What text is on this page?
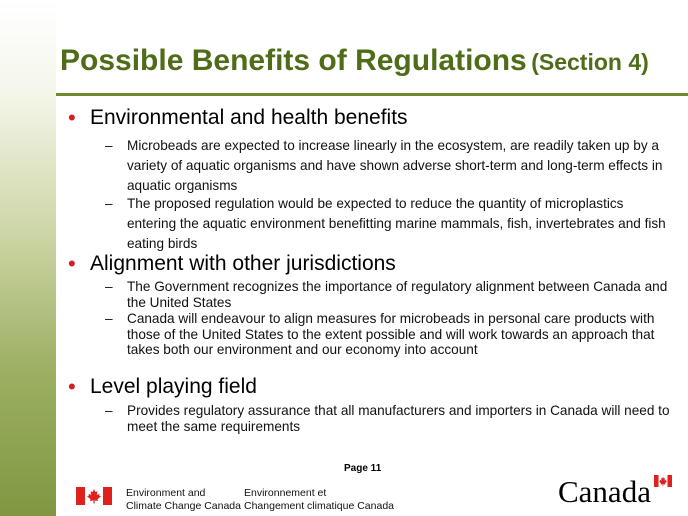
Possible Benefits of Regulations (Section 4)
• Environmental and health benefits
– Microbeads are expected to increase linearly in the ecosystem, are readily taken up by a variety of aquatic organisms and have shown adverse short-term and long-term effects in aquatic organisms
– The proposed regulation would be expected to reduce the quantity of microplastics entering the aquatic environment benefitting marine mammals, fish, invertebrates and fish eating birds
• Alignment with other jurisdictions
– The Government recognizes the importance of regulatory alignment between Canada and the United States
– Canada will endeavour to align measures for microbeads in personal care products with those of the United States to the extent possible and will work towards an approach that takes both our environment and our economy into account
• Level playing field
– Provides regulatory assurance that all manufacturers and importers in Canada will need to meet the same requirements
Page 11
Environment and
Climate Change Canada
Environnement et
Changement climatique Canada	Canada
